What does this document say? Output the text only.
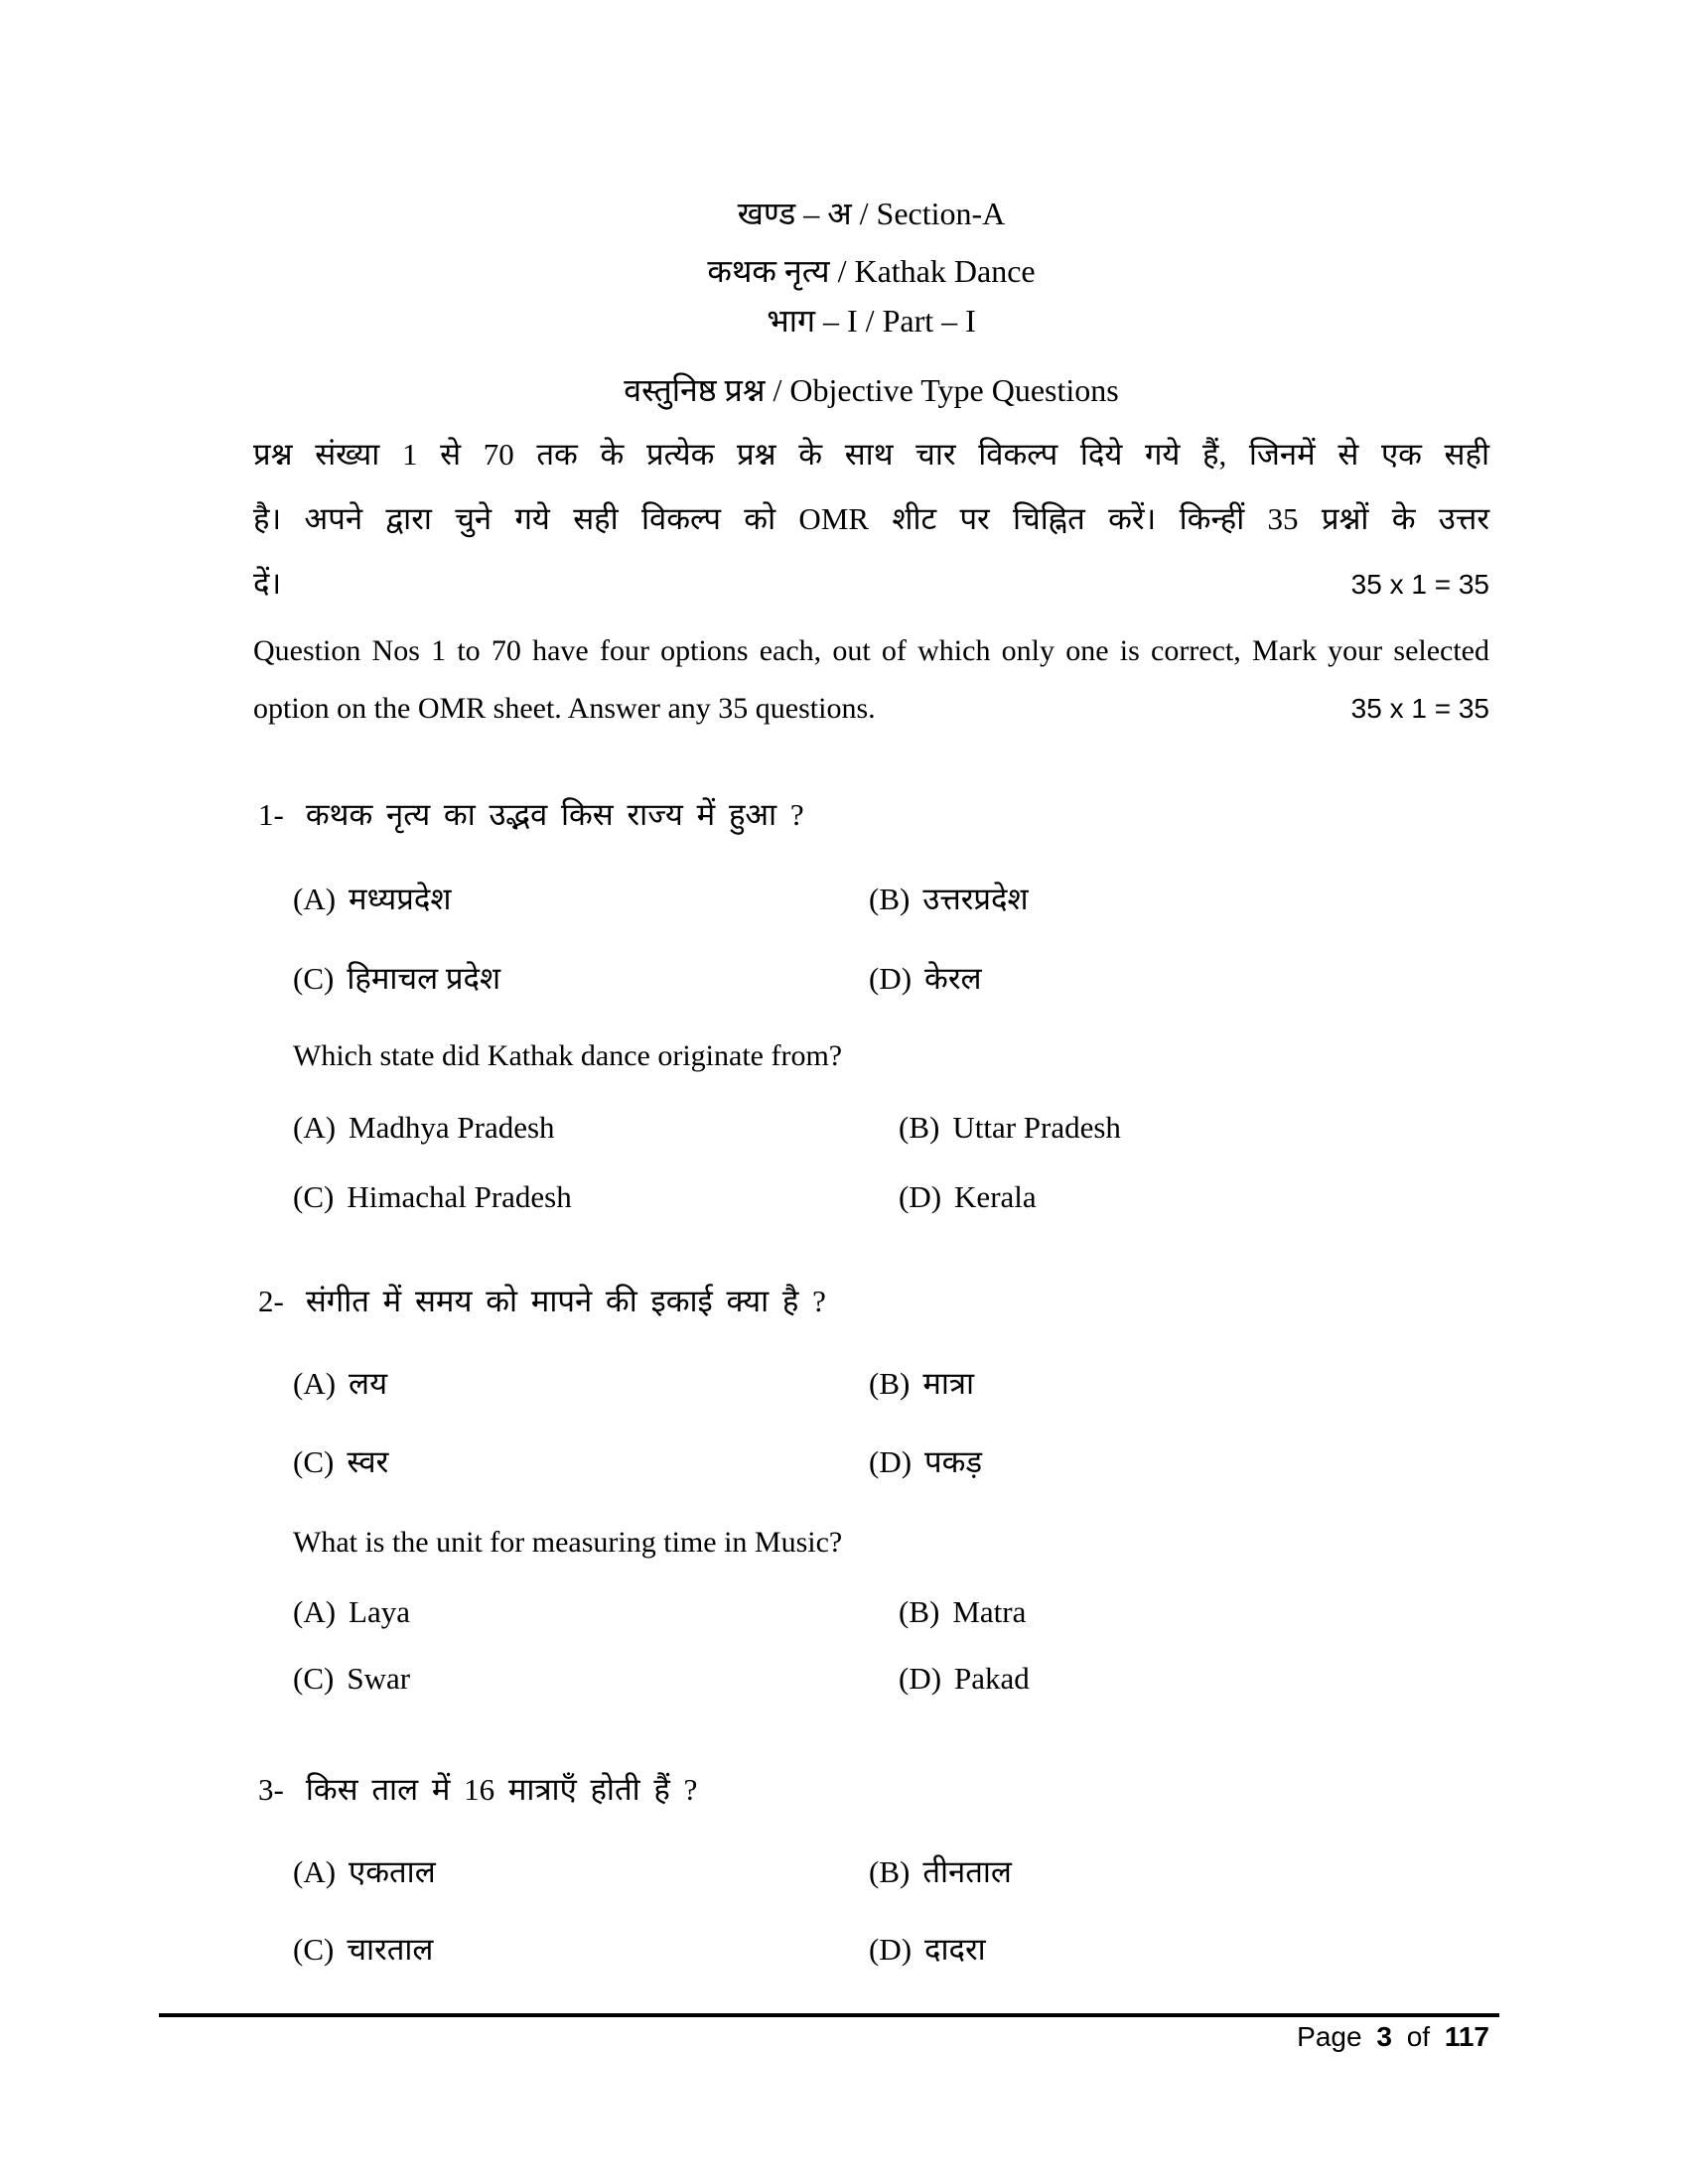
खण्ड – अ / Section-A
कथक नृत्य / Kathak Dance
भाग – I / Part – I
वस्तुनिष्ठ प्रश्न / Objective Type Questions
प्रश्न संख्या 1 से 70 तक के प्रत्येक प्रश्न के साथ चार विकल्प दिये गये हैं, जिनमें से एक सही
है। अपने द्वारा चुने गये सही विकल्प को OMR शीट पर चिह्नित करें। किन्हीं 35 प्रश्नों के उत्तर
दें।	35 x 1 = 35
Question Nos 1 to 70 have four options each, out of which only one is correct, Mark your selected
option on the OMR sheet. Answer any 35 questions.	35 x 1 = 35
1- कथक नृत्य का उद्भव किस राज्य में हुआ ?
(A) मध्यप्रदेश	(B) उत्तरप्रदेश
(C) हिमाचल प्रदेश	(D) केरल
Which state did Kathak dance originate from?
(A) Madhya Pradesh	(B) Uttar Pradesh
(C) Himachal Pradesh	(D) Kerala
2- संगीत में समय को मापने की इकाई क्या है ?
(A) लय	(B) मात्रा
(C) स्वर	(D) पकड़
What is the unit for measuring time in Music?
(A) Laya	(B) Matra
(C) Swar	(D) Pakad
3- किस ताल में 16 मात्राएँ होती हैं ?
(A) एकताल	(B) तीनताल
(C) चारताल	(D) दादरा
Page 3 of 117
